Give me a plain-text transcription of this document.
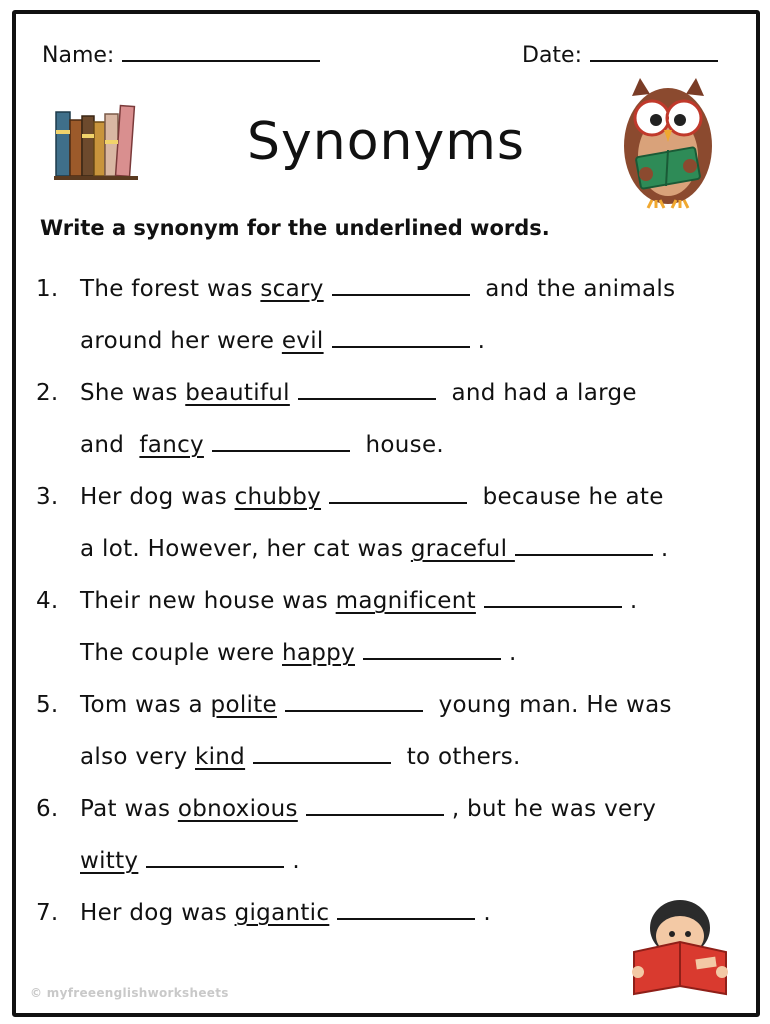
Name:	Date:
Synonyms
Write a synonym for the underlined words.
1. The forest was scary	and the animals
around her were evil	.
2. She was beautiful	and had a large
and  fancy	house.
3. Her dog was chubby	because he ate
a lot. However, her cat was graceful	.
4. Their new house was magnificent	.
The couple were happy	.
5. Tom was a polite	young man. He was
also very kind	to others.
6. Pat was obnoxious	, but he was very
witty	.
7. Her dog was gigantic	.
© myfreeenglishworksheets
